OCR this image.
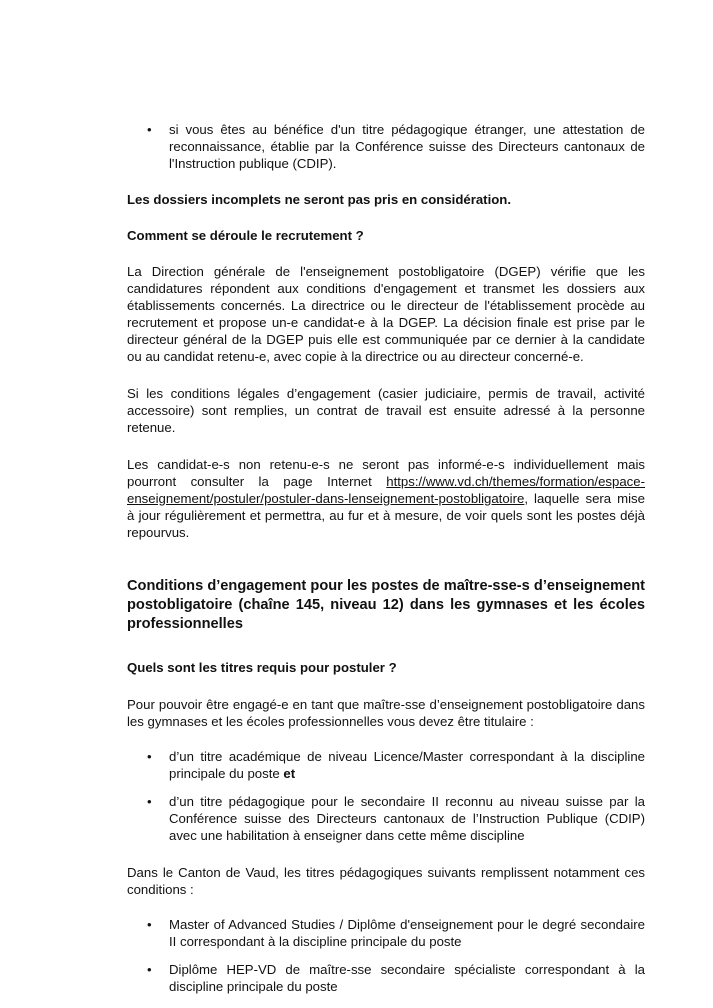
•	si vous êtes au bénéfice d'un titre pédagogique étranger, une attestation de reconnaissance, établie par la Conférence suisse des Directeurs cantonaux de l'Instruction publique (CDIP).

Les dossiers incomplets ne seront pas pris en considération.

Comment se déroule le recrutement ?

La Direction générale de l'enseignement postobligatoire (DGEP) vérifie que les candidatures répondent aux conditions d'engagement et transmet les dossiers aux établissements concernés. La directrice ou le directeur de l'établissement procède au recrutement et propose un-e candidat-e à la DGEP. La décision finale est prise par le directeur général de la DGEP puis elle est communiquée par ce dernier à la candidate ou au candidat retenu-e, avec copie à la directrice ou au directeur concerné-e.

Si les conditions légales d’engagement (casier judiciaire, permis de travail, activité accessoire) sont remplies, un contrat de travail est ensuite adressé à la personne retenue.

Les candidat-e-s non retenu-e-s ne seront pas informé-e-s individuellement mais pourront consulter la page Internet https://www.vd.ch/themes/formation/espace-enseignement/postuler/postuler-dans-lenseignement-postobligatoire, laquelle sera mise à jour régulièrement et permettra, au fur et à mesure, de voir quels sont les postes déjà repourvus.

Conditions d’engagement pour les postes de maître-sse-s d’enseignement postobligatoire (chaîne 145, niveau 12) dans les gymnases et les écoles professionnelles

Quels sont les titres requis pour postuler ?

Pour pouvoir être engagé-e en tant que maître-sse d’enseignement postobligatoire dans les gymnases et les écoles professionnelles vous devez être titulaire :

•	d’un titre académique de niveau Licence/Master correspondant à la discipline principale du poste et
•	d’un titre pédagogique pour le secondaire II reconnu au niveau suisse par la Conférence suisse des Directeurs cantonaux de l’Instruction Publique (CDIP) avec une habilitation à enseigner dans cette même discipline

Dans le Canton de Vaud, les titres pédagogiques suivants remplissent notamment ces conditions :

•	Master of Advanced Studies / Diplôme d'enseignement pour le degré secondaire II correspondant à la discipline principale du poste
•	Diplôme HEP-VD de maître-sse secondaire spécialiste correspondant à la discipline principale du poste
